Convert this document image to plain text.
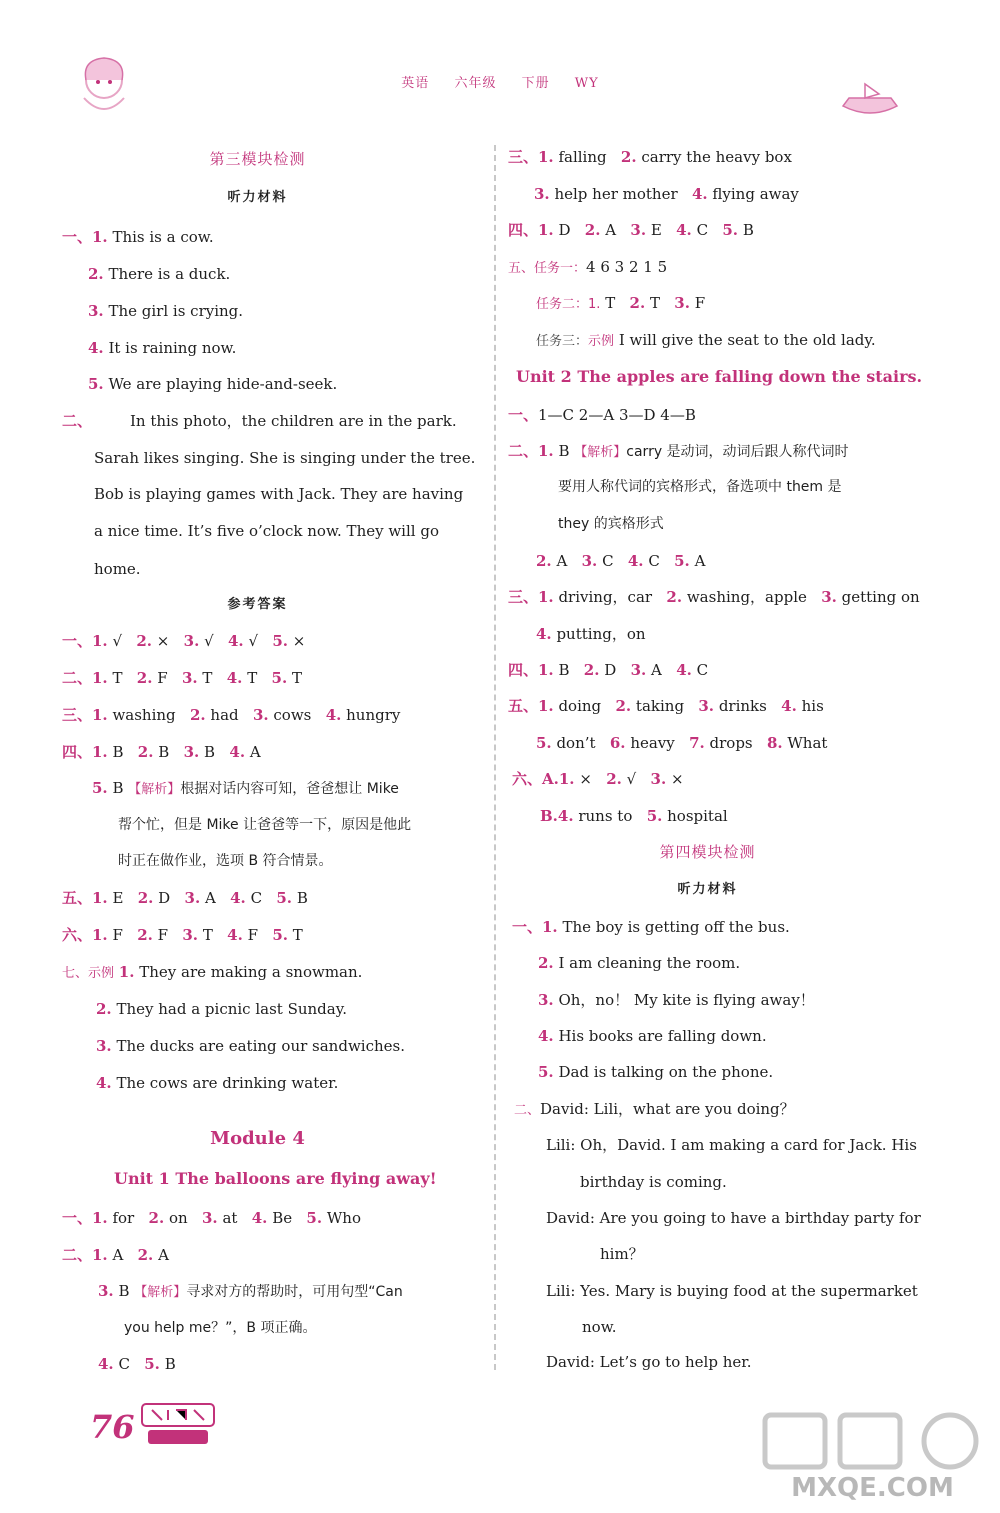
英语 六年级 下册 WY
第三模块检测
听力材料
一、1. This is a cow.
2. There is a duck.
3. The girl is crying.
4. It is raining now.
5. We are playing hide-and-seek.
二、	In this photo，the children are in the park.
Sarah likes singing. She is singing under the tree.
Bob is playing games with Jack. They are having
a nice time. It’s five o’clock now. They will go
home.
参考答案
一、1. √ 2. × 3. √ 4. √ 5. ×
二、1. T 2. F 3. T 4. T 5. T
三、1. washing 2. had 3. cows 4. hungry
四、1. B 2. B 3. B 4. A
5. B 【解析】根据对话内容可知，爸爸想让 Mike
帮个忙，但是 Mike 让爸爸等一下，原因是他此
时正在做作业，选项 B 符合情景。
五、1. E 2. D 3. A 4. C 5. B
六、1. F 2. F 3. T 4. F 5. T
七、示例 1. They are making a snowman.
2. They had a picnic last Sunday.
3. The ducks are eating our sandwiches.
4. The cows are drinking water.
Module 4
Unit 1 The balloons are flying away!
一、1. for 2. on 3. at 4. Be 5. Who
二、1. A 2. A
3. B 【解析】寻求对方的帮助时，可用句型“Can
you help me？”，B 项正确。
4. C 5. B
三、1. falling 2. carry the heavy box
3. help her mother 4. flying away
四、1. D 2. A 3. E 4. C 5. B
五、任务一：4 6 3 2 1 5
任务二：1. T 2. T 3. F
任务三：示例 I will give the seat to the old lady.
Unit 2 The apples are falling down the stairs.
一、1—C 2—A 3—D 4—B
二、1. B 【解析】carry 是动词，动词后跟人称代词时
要用人称代词的宾格形式，备选项中 them 是
they 的宾格形式
2. A 3. C 4. C 5. A
三、1. driving，car 2. washing，apple 3. getting on
4. putting，on
四、1. B 2. D 3. A 4. C
五、1. doing 2. taking 3. drinks 4. his
5. don’t 6. heavy 7. drops 8. What
六、A.1. × 2. √ 3. ×
B.4. runs to 5. hospital
第四模块检测
听力材料
一、1. The boy is getting off the bus.
2. I am cleaning the room.
3. Oh，no！ My kite is flying away！
4. His books are falling down.
5. Dad is talking on the phone.
二、David: Lili，what are you doing？
Lili: Oh，David. I am making a card for Jack. His
birthday is coming.
David: Are you going to have a birthday party for
him？
Lili: Yes. Mary is buying food at the supermarket
now.
David: Let’s go to help her.
76
MXQE.COM
